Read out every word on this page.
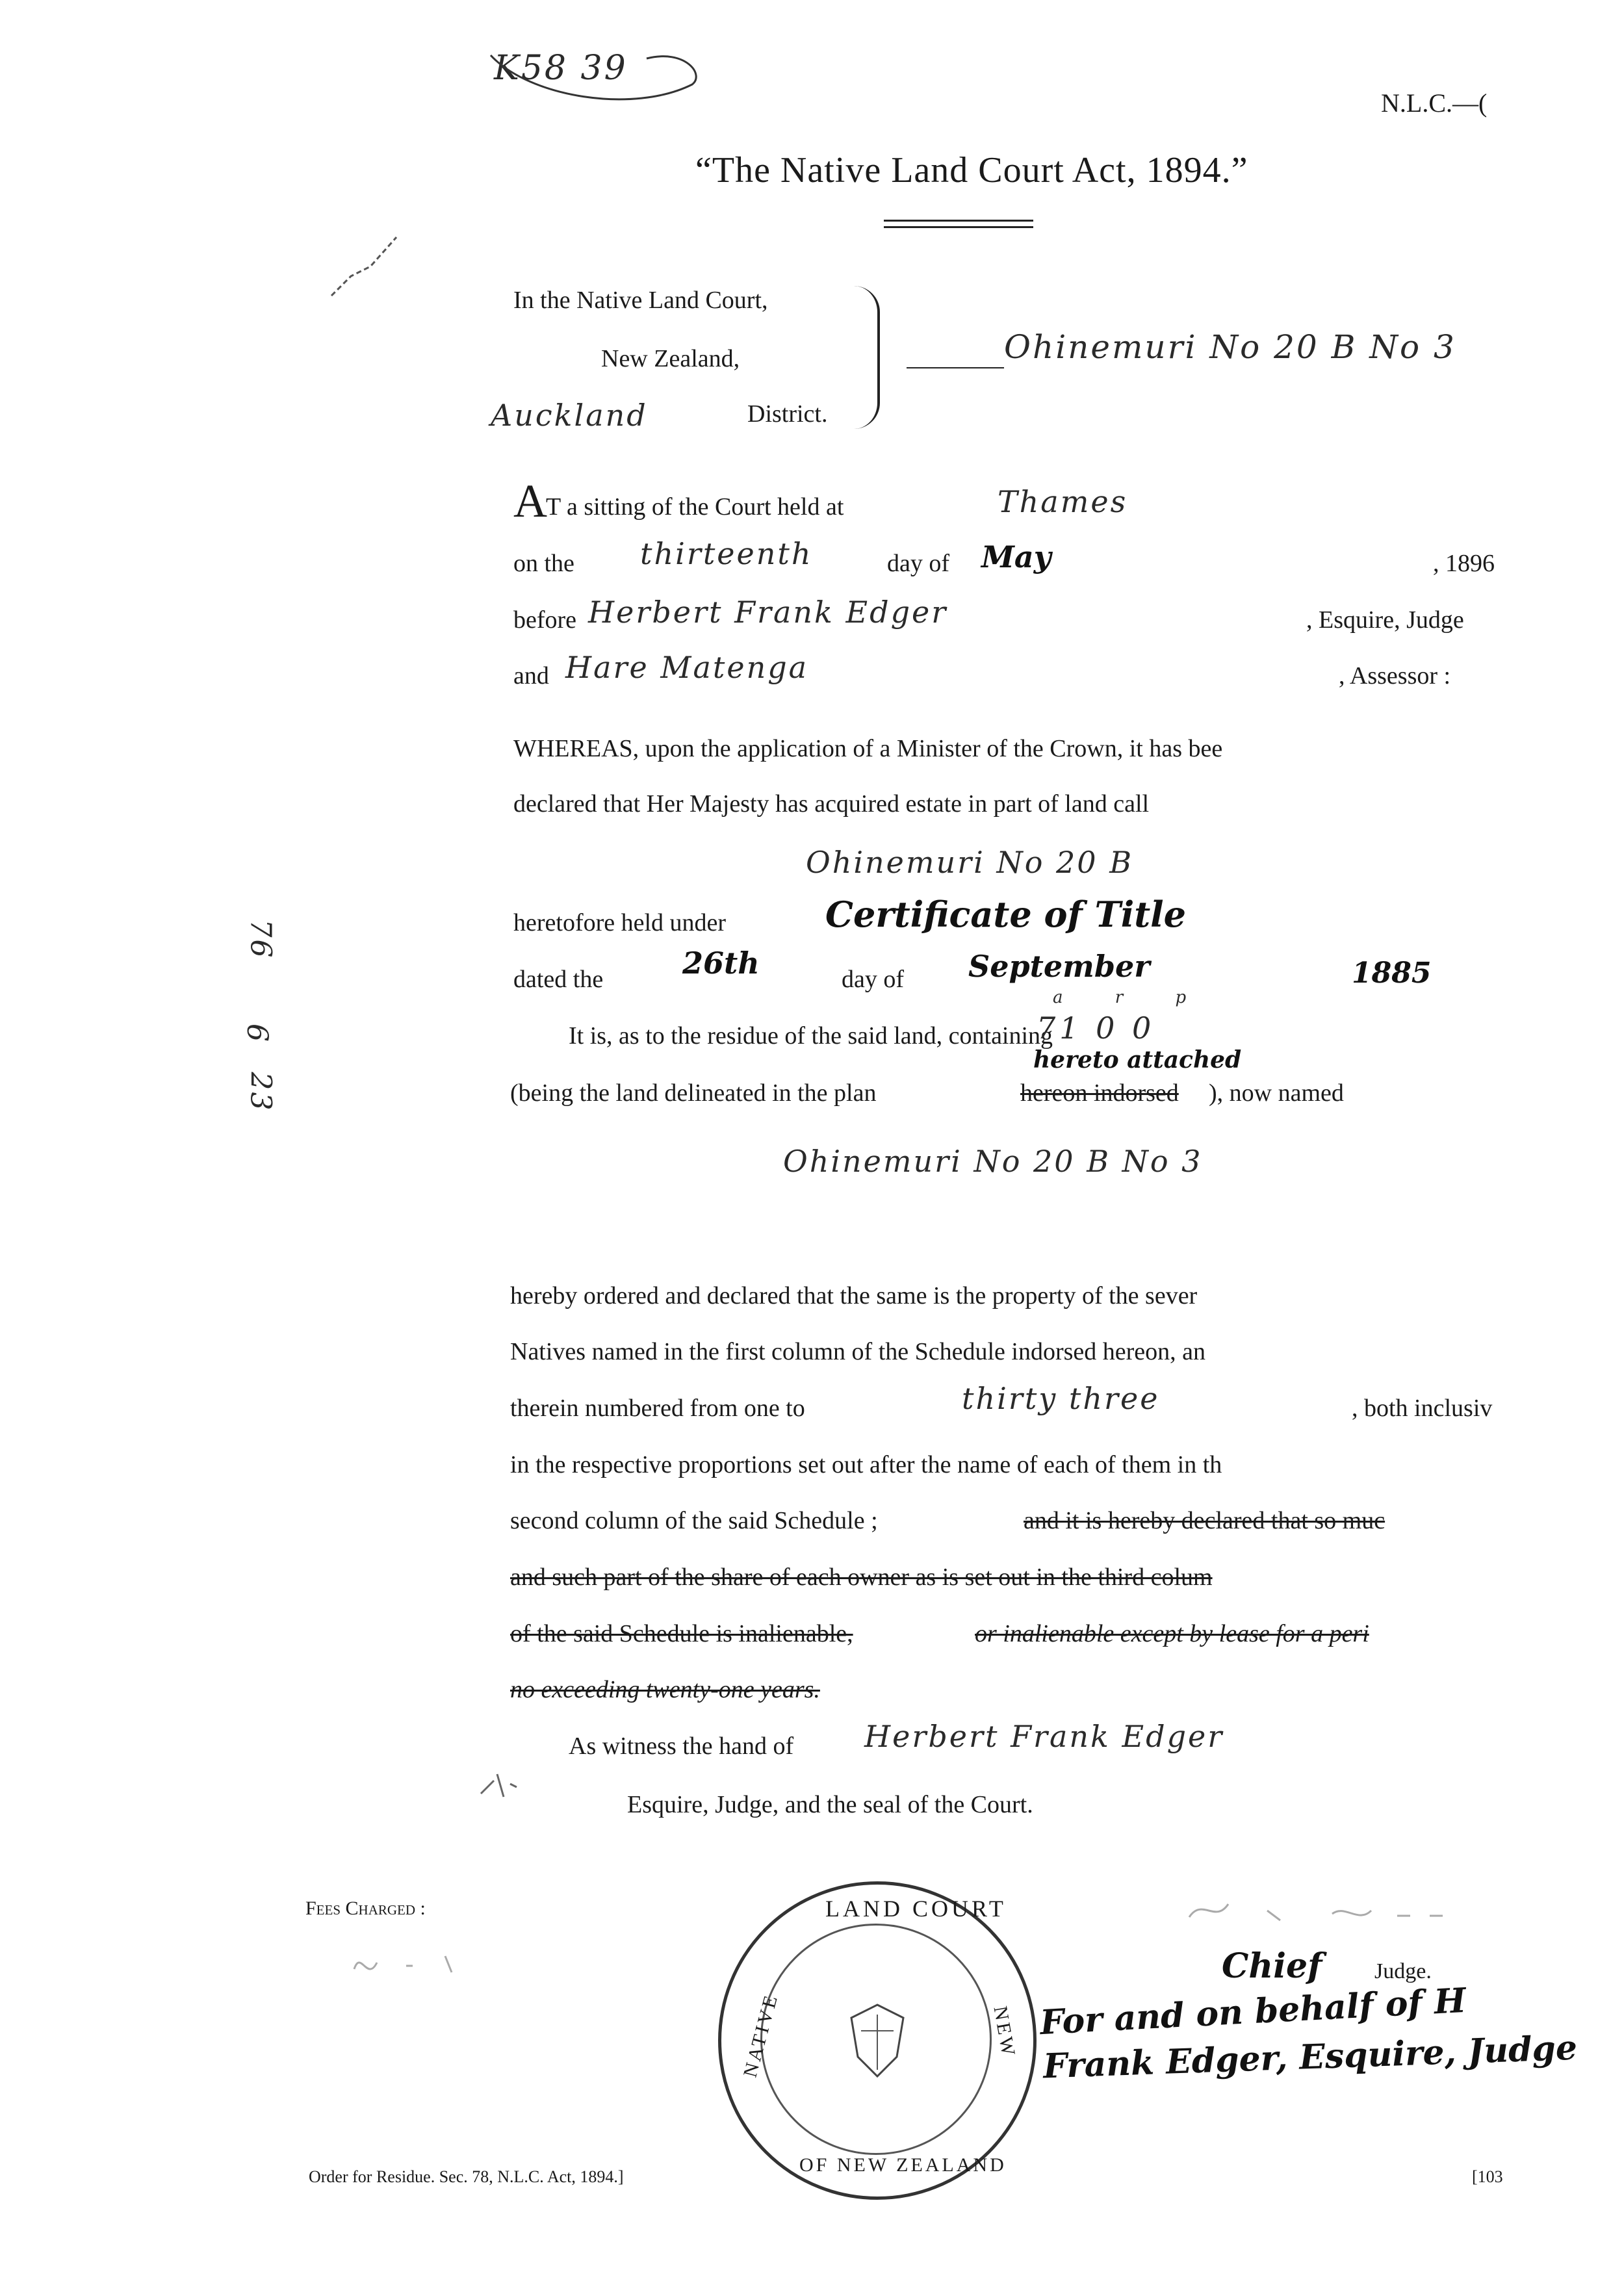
K58 39
N.L.C.—(
“The Native Land Court Act, 1894.”
In the Native Land Court,
New Zealand,
Auckland	District.
Ohinemuri No 20 B No 3
A
T a sitting of the Court held at	Thames
on the thirteenth	day of May	, 1896
before Herbert Frank Edger	, Esquire, Judge
and Hare Matenga	, Assessor :
WHEREAS, upon the application of a Minister of the Crown, it has bee
declared that Her Majesty has acquired estate in part of land call
Ohinemuri No 20 B
heretofore held under	Certificate of Title
dated the	26th	day of September	1885
It is, as to the residue of the said land, containing
a r p
71 0 0
(being the land delineated in the plan
hereto attached
hereon indorsed ), now named
Ohinemuri No 20 B No 3
hereby ordered and declared that the same is the property of the sever
Natives named in the first column of the Schedule indorsed hereon, an
therein numbered from one to	thirty three	, both inclusiv
in the respective proportions set out after the name of each of them in th
second column of the said Schedule ;	and it is hereby declared that so muc
and such part of the share of each owner as is set out in the third colum
of the said Schedule is inalienable,	or inalienable except by lease for a peri
no exceeding twenty-one years.
As witness the hand of Herbert Frank Edger
Esquire, Judge, and the seal of the Court.
Fees Charged :	LAND COURT
NATIVE	NEW
OF NEW ZEALAND
Chief Judge.
For and on behalf of H
Frank Edger, Esquire, Judge
Order for Residue. Sec. 78, N.L.C. Act, 1894.]	[103
76
6
23
